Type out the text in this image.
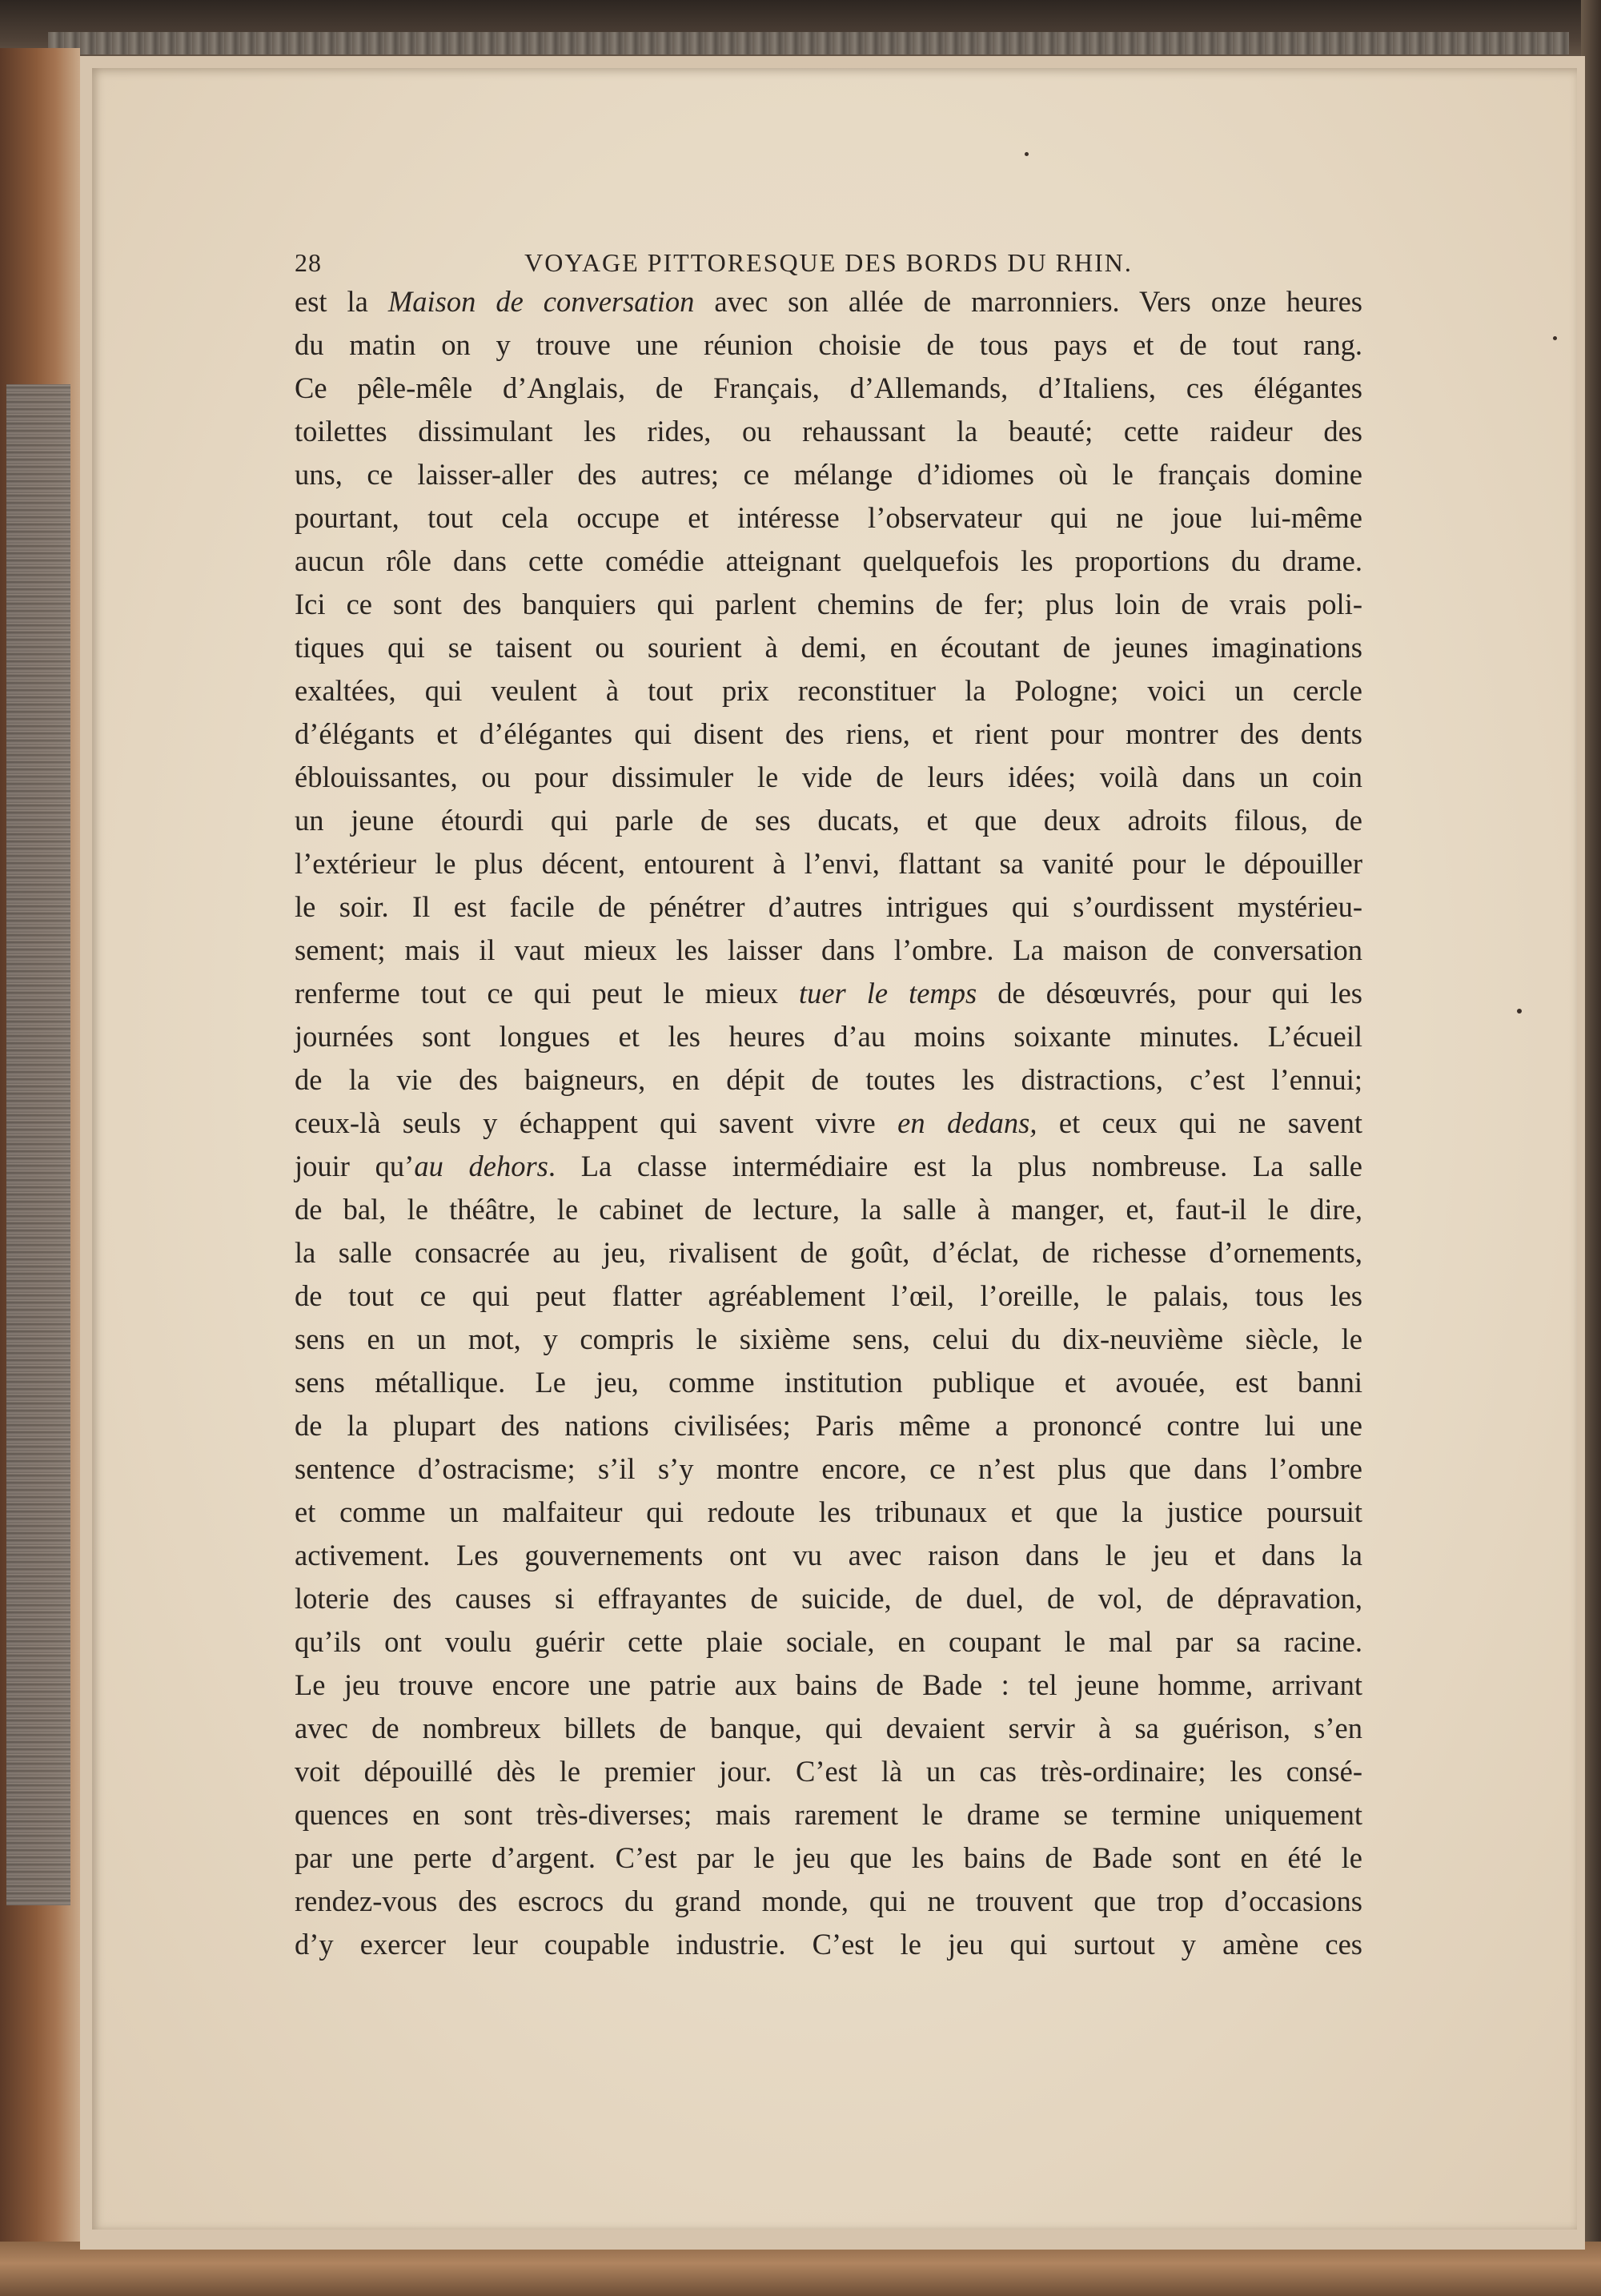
28	VOYAGE PITTORESQUE DES BORDS DU RHIN.
est la Maison de conversation avec son allée de marronniers. Vers onze heures
du matin on y trouve une réunion choisie de tous pays et de tout rang.
Ce pêle-mêle d’Anglais, de Français, d’Allemands, d’Italiens, ces élégantes
toilettes dissimulant les rides, ou rehaussant la beauté; cette raideur des
uns, ce laisser-aller des autres; ce mélange d’idiomes où le français domine
pourtant, tout cela occupe et intéresse l’observateur qui ne joue lui-même
aucun rôle dans cette comédie atteignant quelquefois les proportions du drame.
Ici ce sont des banquiers qui parlent chemins de fer; plus loin de vrais poli-
tiques qui se taisent ou sourient à demi, en écoutant de jeunes imaginations
exaltées, qui veulent à tout prix reconstituer la Pologne; voici un cercle
d’élégants et d’élégantes qui disent des riens, et rient pour montrer des dents
éblouissantes, ou pour dissimuler le vide de leurs idées; voilà dans un coin
un jeune étourdi qui parle de ses ducats, et que deux adroits filous, de
l’extérieur le plus décent, entourent à l’envi, flattant sa vanité pour le dépouiller
le soir. Il est facile de pénétrer d’autres intrigues qui s’ourdissent mystérieu-
sement; mais il vaut mieux les laisser dans l’ombre. La maison de conversation
renferme tout ce qui peut le mieux tuer le temps de désœuvrés, pour qui les
journées sont longues et les heures d’au moins soixante minutes. L’écueil
de la vie des baigneurs, en dépit de toutes les distractions, c’est l’ennui;
ceux-là seuls y échappent qui savent vivre en dedans, et ceux qui ne savent
jouir qu’au dehors. La classe intermédiaire est la plus nombreuse. La salle
de bal, le théâtre, le cabinet de lecture, la salle à manger, et, faut-il le dire,
la salle consacrée au jeu, rivalisent de goût, d’éclat, de richesse d’ornements,
de tout ce qui peut flatter agréablement l’œil, l’oreille, le palais, tous les
sens en un mot, y compris le sixième sens, celui du dix-neuvième siècle, le
sens métallique. Le jeu, comme institution publique et avouée, est banni
de la plupart des nations civilisées; Paris même a prononcé contre lui une
sentence d’ostracisme; s’il s’y montre encore, ce n’est plus que dans l’ombre
et comme un malfaiteur qui redoute les tribunaux et que la justice poursuit
activement. Les gouvernements ont vu avec raison dans le jeu et dans la
loterie des causes si effrayantes de suicide, de duel, de vol, de dépravation,
qu’ils ont voulu guérir cette plaie sociale, en coupant le mal par sa racine.
Le jeu trouve encore une patrie aux bains de Bade : tel jeune homme, arrivant
avec de nombreux billets de banque, qui devaient servir à sa guérison, s’en
voit dépouillé dès le premier jour. C’est là un cas très-ordinaire; les consé-
quences en sont très-diverses; mais rarement le drame se termine uniquement
par une perte d’argent. C’est par le jeu que les bains de Bade sont en été le
rendez-vous des escrocs du grand monde, qui ne trouvent que trop d’occasions
d’y exercer leur coupable industrie. C’est le jeu qui surtout y amène ces
